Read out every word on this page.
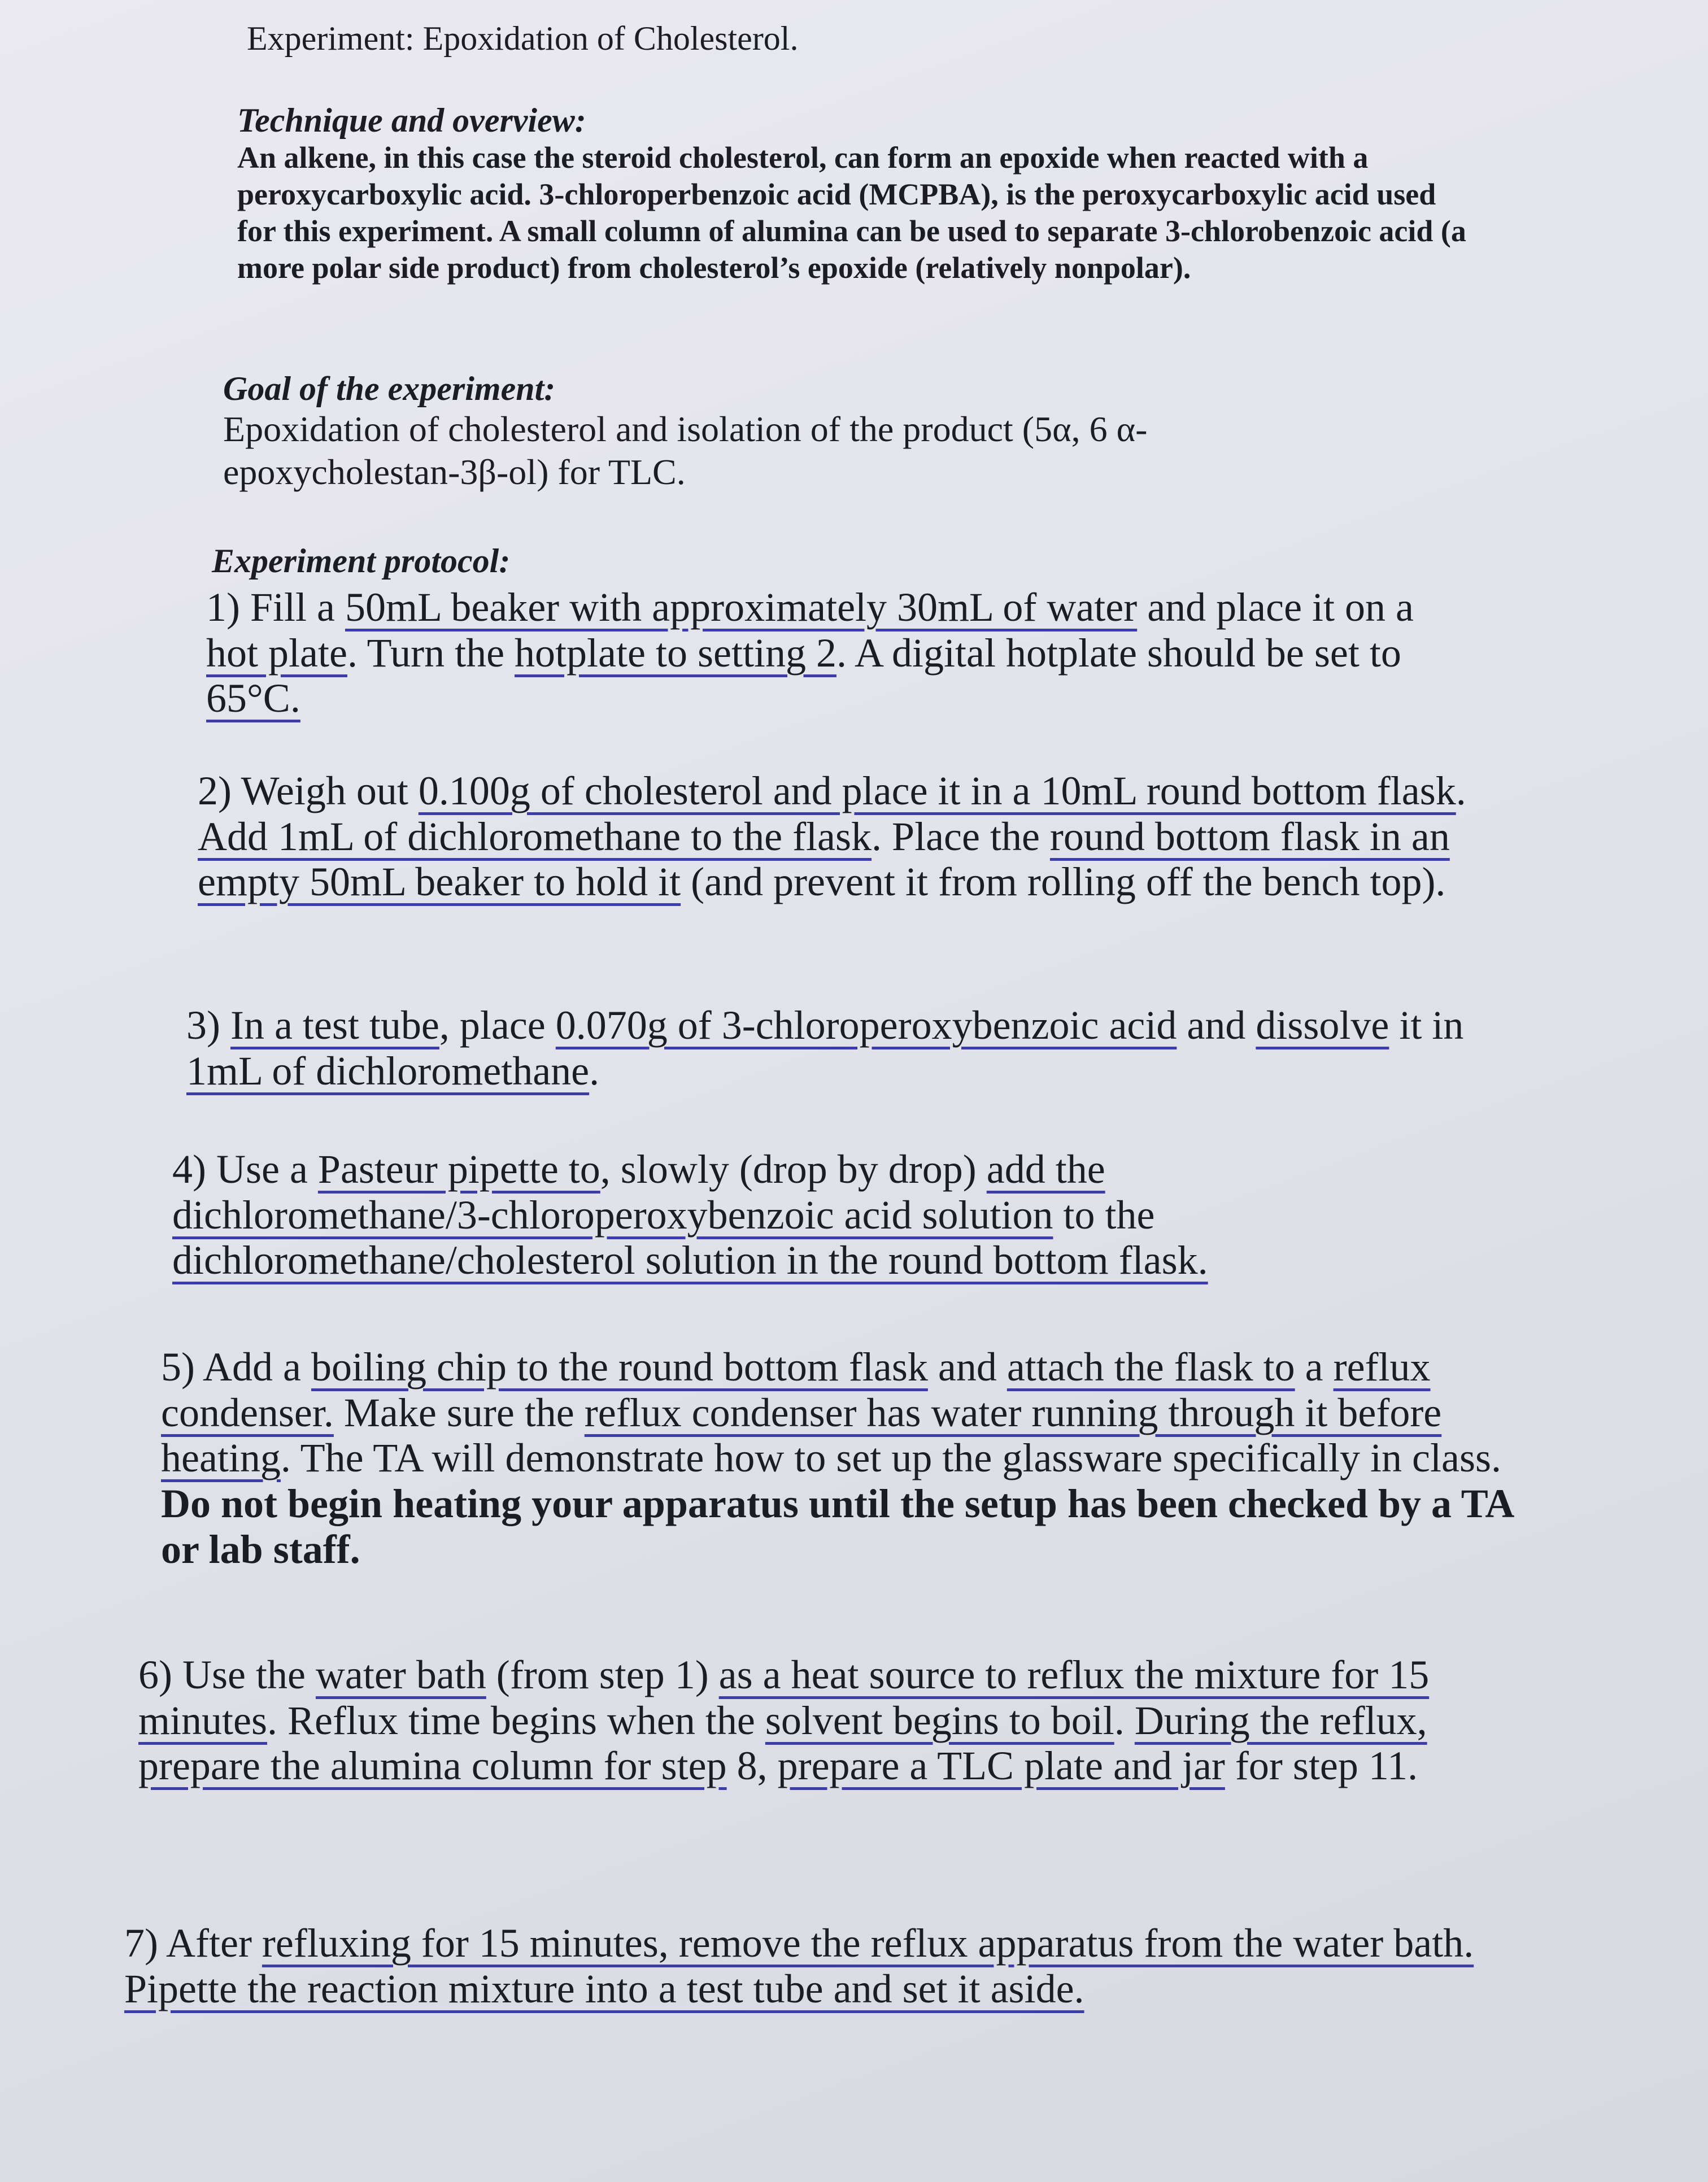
Experiment: Epoxidation of Cholesterol.

Technique and overview:

An alkene, in this case the steroid cholesterol, can form an epoxide when reacted with a peroxycarboxylic acid. 3-chloroperbenzoic acid (MCPBA), is the peroxycarboxylic acid used for this experiment. A small column of alumina can be used to separate 3-chlorobenzoic acid (a more polar side product) from cholesterol’s epoxide (relatively nonpolar).

Goal of the experiment:

Epoxidation of cholesterol and isolation of the product (5α, 6 α-epoxycholestan-3β-ol) for TLC.

Experiment protocol:

1) Fill a 50mL beaker with approximately 30mL of water and place it on a hot plate. Turn the hotplate to setting 2. A digital hotplate should be set to 65°C.

2) Weigh out 0.100g of cholesterol and place it in a 10mL round bottom flask. Add 1mL of dichloromethane to the flask. Place the round bottom flask in an empty 50mL beaker to hold it (and prevent it from rolling off the bench top).

3) In a test tube, place 0.070g of 3-chloroperoxybenzoic acid and dissolve it in 1mL of dichloromethane.

4) Use a Pasteur pipette to, slowly (drop by drop) add the dichloromethane/3-chloroperoxybenzoic acid solution to the dichloromethane/cholesterol solution in the round bottom flask.

5) Add a boiling chip to the round bottom flask and attach the flask to a reflux condenser. Make sure the reflux condenser has water running through it before heating. The TA will demonstrate how to set up the glassware specifically in class. Do not begin heating your apparatus until the setup has been checked by a TA or lab staff.

6) Use the water bath (from step 1) as a heat source to reflux the mixture for 15 minutes. Reflux time begins when the solvent begins to boil. During the reflux, prepare the alumina column for step 8, prepare a TLC plate and jar for step 11.

7) After refluxing for 15 minutes, remove the reflux apparatus from the water bath. Pipette the reaction mixture into a test tube and set it aside.
